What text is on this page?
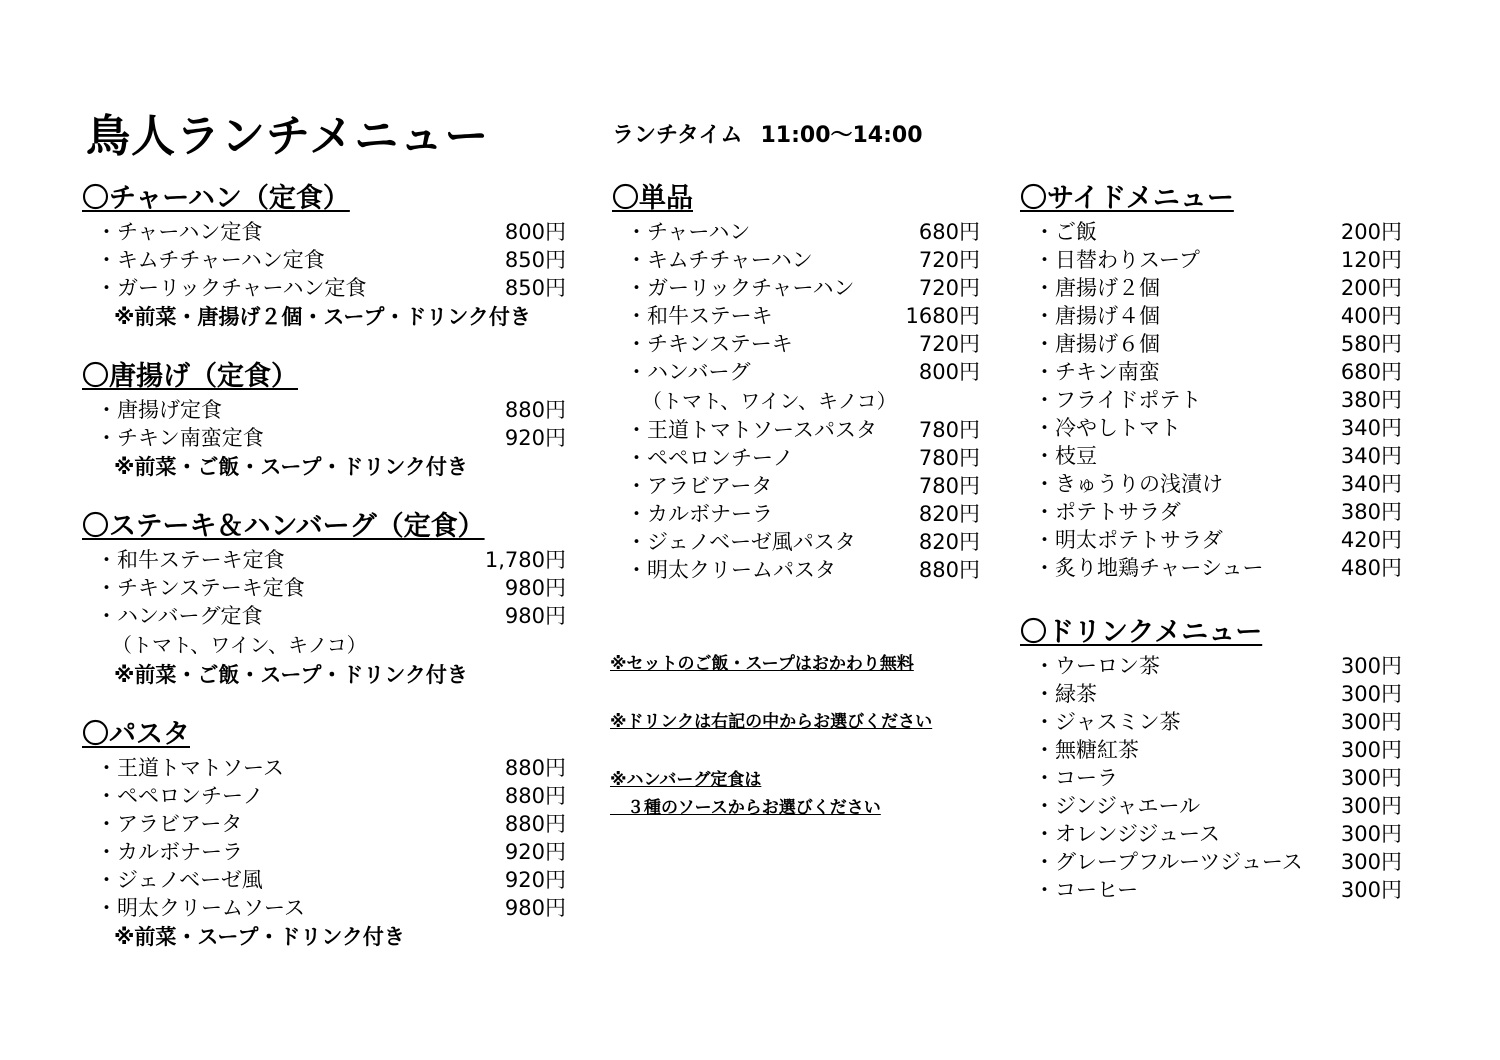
鳥人ランチメニュー	ランチタイム 11:00〜14:00
〇チャーハン（定食）
・チャーハン定食	800円
・キムチチャーハン定食	850円
・ガーリックチャーハン定食	850円
※前菜・唐揚げ２個・スープ・ドリンク付き
〇唐揚げ（定食）
・唐揚げ定食	880円
・チキン南蛮定食	920円
※前菜・ご飯・スープ・ドリンク付き
〇ステーキ＆ハンバーグ（定食）
・和牛ステーキ定食	1,780円
・チキンステーキ定食	980円
・ハンバーグ定食	980円
（トマト、ワイン、キノコ）
※前菜・ご飯・スープ・ドリンク付き
〇パスタ
・王道トマトソース	880円
・ペペロンチーノ	880円
・アラビアータ	880円
・カルボナーラ	920円
・ジェノベーゼ風	920円
・明太クリームソース	980円
※前菜・スープ・ドリンク付き
〇単品
・チャーハン	680円
・キムチチャーハン	720円
・ガーリックチャーハン	720円
・和牛ステーキ	1680円
・チキンステーキ	720円
・ハンバーグ	800円
（トマト、ワイン、キノコ）
・王道トマトソースパスタ 780円
・ペペロンチーノ	780円
・アラビアータ	780円
・カルボナーラ	820円
・ジェノベーゼ風パスタ	820円
・明太クリームパスタ	880円
※セットのご飯・スープはおかわり無料
※ドリンクは右記の中からお選びください
※ハンバーグ定食は
　３種のソースからお選びください
〇サイドメニュー
・ご飯	200円
・日替わりスープ	120円
・唐揚げ２個	200円
・唐揚げ４個	400円
・唐揚げ６個	580円
・チキン南蛮	680円
・フライドポテト	380円
・冷やしトマト	340円
・枝豆	340円
・きゅうりの浅漬け	340円
・ポテトサラダ	380円
・明太ポテトサラダ	420円
・炙り地鶏チャーシュー	480円
〇ドリンクメニュー
・ウーロン茶	300円
・緑茶	300円
・ジャスミン茶	300円
・無糖紅茶	300円
・コーラ	300円
・ジンジャエール	300円
・オレンジジュース	300円
・グレープフルーツジュース 300円
・コーヒー	300円
